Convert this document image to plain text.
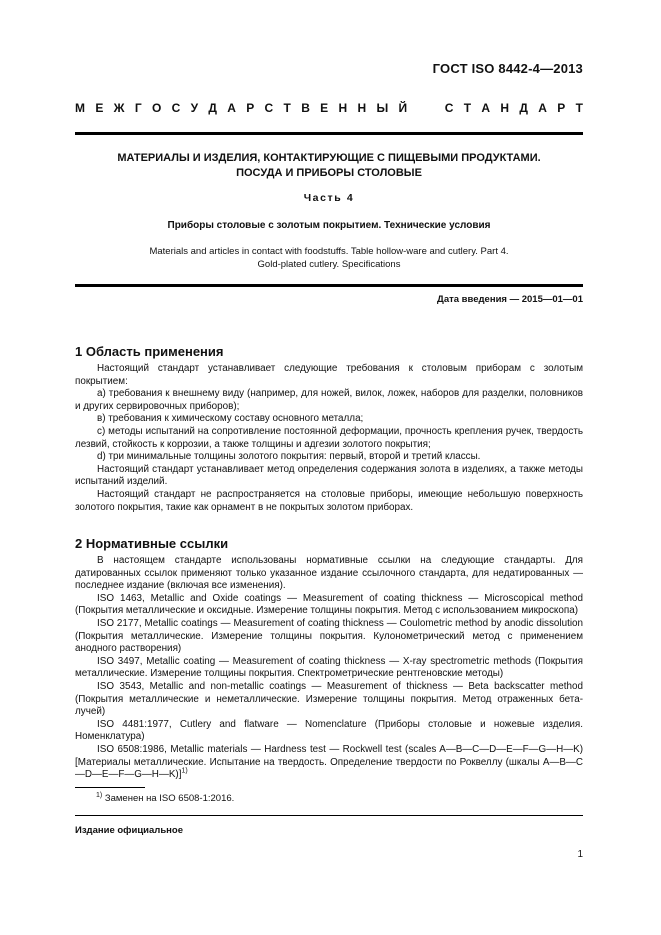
ГОСТ ISO 8442-4—2013
М Е Ж Г О С У Д А Р С Т В Е Н Н Ы Й

	С Т А Н Д А Р Т
МАТЕРИАЛЫ И ИЗДЕЛИЯ, КОНТАКТИРУЮЩИЕ С ПИЩЕВЫМИ ПРОДУКТАМИ.
ПОСУДА И ПРИБОРЫ СТОЛОВЫЕ
Часть 4
Приборы столовые с золотым покрытием. Технические условия
Materials and articles in contact with foodstuffs. Table hollow-ware and cutlery. Part 4.
Gold-plated cutlery. Specifications
Дата введения — 2015—01—01
1 Область применения
Настоящий стандарт устанавливает следующие требования к столовым приборам с золотым покрытием:
а) требования к внешнему виду (например, для ножей, вилок, ложек, наборов для разделки, половников и других сервировочных приборов);
в) требования к химическому составу основного металла;
с) методы испытаний на сопротивление постоянной деформации, прочность крепления ручек, твердость лезвий, стойкость к коррозии, а также толщины и адгезии золотого покрытия;
d) три минимальные толщины золотого покрытия: первый, второй и третий классы.
Настоящий стандарт устанавливает метод определения содержания золота в изделиях, а также методы испытаний изделий.
Настоящий стандарт не распространяется на столовые приборы, имеющие небольшую поверхность золотого покрытия, такие как орнамент в не покрытых золотом приборах.
2 Нормативные ссылки
В настоящем стандарте использованы нормативные ссылки на следующие стандарты. Для датированных ссылок применяют только указанное издание ссылочного стандарта, для недатированных — последнее издание (включая все изменения).
ISO 1463, Metallic and Oxide coatings — Measurement of coating thickness — Microscopical method (Покрытия металлические и оксидные. Измерение толщины покрытия. Метод с использованием микроскопа)
ISO 2177, Metallic coatings — Measurement of coating thickness — Coulometric method by anodic dissolution (Покрытия металлические. Измерение толщины покрытия. Кулонометрический метод с применением анодного растворения)
ISO 3497, Metallic coating — Measurement of coating thickness — X-ray spectrometric methods (Покрытия металлические. Измерение толщины покрытия. Спектрометрические рентгеновские методы)
ISO 3543, Metallic and non-metallic coatings — Measurement of thickness — Beta backscatter method (Покрытия металлические и неметаллические. Измерение толщины покрытия. Метод отраженных бета-лучей)
ISO 4481:1977, Cutlery and flatware — Nomenclature (Приборы столовые и ножевые изделия. Номенклатура)
ISO 6508:1986, Metallic materials — Hardness test — Rockwell test (scales A—B—C—D—E—F—G—H—K) [Материалы металлические. Испытание на твердость. Определение твердости по Роквеллу (шкалы A—B—C—D—E—F—G—H—K)]$^{1)}$
$^{1)}$ Заменен на ISO 6508-1:2016.
Издание официальное
1
